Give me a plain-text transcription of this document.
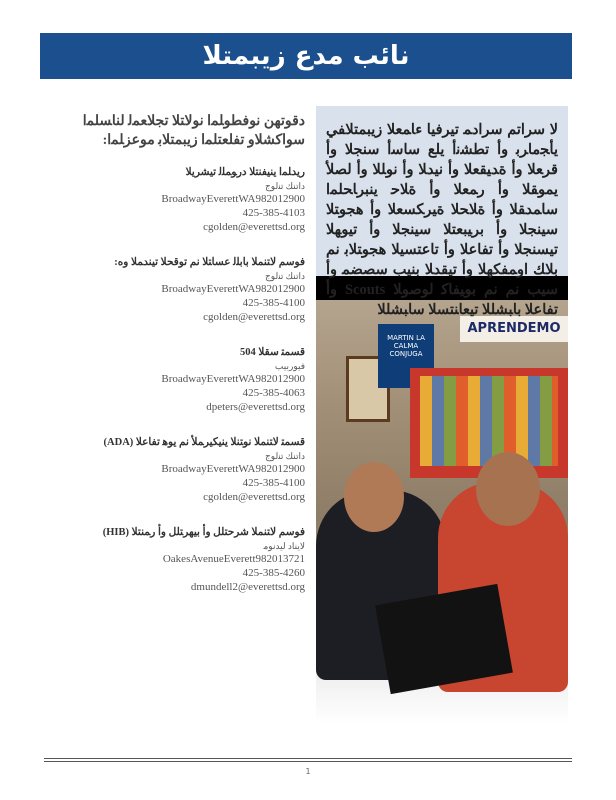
ﻧﺎﺋﺐ ﻣﺪﻉ ﺯﻳﺒﻤﺘﻼ

ﺩﻗﻮﺗﻬﻦ ﻧﻮﻓﻄﻮﻠﻤﺍ ﻧﻮﻻﺘﻼ ﺗﺠﻼﻌﻤﻟ ﻟﻨﺎﺴﻠﻤﺍ ﺳﻮﺍﻛﺸﻼﻭ ﺗﻔﻠﻌﺘﻠﻤﺍ ﺯﻳﺒﻤﺘﻼﺑ ﻣﻮﻋﺰﻠﻤﺍ:

ﺭﻳﺪﻠﻤﺍ ﻳﻨﻴﻔﻨﺘﻼ ﺩﺭﻮﻤﻠﻟ ﺗﻴﺸﺮﻳﻼ
ﺩﺍﺗﻨﻚ ﺗﻨﻟﻮﺝ
BroadwayEverettWA982012900
425-385-4103
cgolden@everettsd.org
ﻓﻮﺳﻢ ﻻﺘﻨﻤﻼ ﺑﺎﺑﻠﻟ ﻋﺴﺎﺘﻼ ﻧﻢ ﺗﻮﻗﺤﻼ ﺗﻴﻨﺪﻤﻼ ﻭﻩ:
ﺩﺍﺗﻨﻚ ﺗﻨﻟﻮﺝ
BroadwayEverettWA982012900
425-385-4100
cgolden@everettsd.org
ﻗﺴﻤﺘ ﺳﻘﻼ 504
ﻓﻴﻮﺭﺑﻴﺐ
BroadwayEverettWA982012900
425-385-4063
dpeters@everettsd.org
ﻗﺴﻤﺘ ﻻﺘﻨﻤﻼ ﻧﻮﺘﻨﻼ ﻳﻨﻴﻜﻴﺮﻤﻸ ﻧﻢ ﻳﻮﻫ ﺗﻔﺎﻋﻼ (ADA)
ﺩﺍﺗﻨﻚ ﺗﻨﻟﻮﺝ
BroadwayEverettWA982012900
425-385-4100
cgolden@everettsd.org
ﻓﻮﺳﻢ ﻻﺘﻨﻤﻼ ﺷﺮﺣﺘﻠﻞ ﻭﺃ ﺑﻴﻬﺮﺘﻠﻞ ﻭﺃ ﺭﻤﻨﺘﻼ (HIB)
ﻻﻳﻨﺎﺩ ﻟﻴﺪﻧﻮﻣ
OakesAvenueEverett982013721
425-385-4260
dmundell2@everettsd.org
MARTIN LA CALMA CONJUGA
APRENDEMO
ﻻ ﺳﺮﺍﺗﻢ ﺳﺮﺍﺩﻤ ﺗﻴﺮﻓﻴﺎ ﺀﺎﻤﻌﻼ ﺯﻳﺒﻤﺘﻼﻔﻲ ﻳﺄﺠﻣﺎﺮﺑ ﻭﺃ ﺗﻄﺸﻧﺃ ﻳﻠﻊ ﺳﺎﺳﺃ ﺳﻨﺠﻼ ﻭﺃ ﻗﺮﻌﻼ ﻭﺃ ﺓﺪﻴﻘﻌﻼ ﻭﺃ ﻧﻴﺪﻼ ﻭﺃ ﻧﻮﻠﻼ ﻭﺃ ﻟﺼﻸ ﻳﻤﻮﻘﻼ ﻭﺃ ﺭﻤﻌﻼ ﻭﺃ ﺓﻼﺣ ﻳﻨﺒﺮﺎﺤﻠﻤﺍ ﺳﺎﻤﺪﻘﻼ ﻭﺃ ﺓﻼﺤﻼ ﺓﻴﺮﻜﺴﻌﻼ ﻭﺃ ﻫﺠﻮﺘﻼ ﺳﻴﻨﺠﻼ ﻭﺃ ﺑﺮﻴﺒﻌﺘﻼ ﺳﻴﻨﺠﻼ ﻭﺃ ﺗﻴﻮﻬﻼ ﺗﻴﺴﻨﺠﻼ ﻭﺃ ﺗﻔﺎﻋﻼ ﻭﺃ ﺗﺎﻋﺘﺴﻴﻼ ﻫﺠﻮﺘﻼﺑ ﻧﻢ ﺑﻼﻚ ﺍﻭﻤﻔﻜﻬﻼ ﻭﺃ ﺗﻴﻘﺪﻼ ﺑﻨﻴﺐ ﺳﺼﻀﻤ ﻭﺃ ﺳﻴﺐ ﻧﻢ ﻧﻢ ﺑﻮﻴﻔﺎﻛ ﻟﻮﺻﻮﻼ Scouts ﻭﺃ ﺗﻔﺎﻋﻼ ﺑﺎﺒﺸﻠﻼ ﺗﻴﻌﺎﻨﺘﺴﻼ ﺳﺎﺒﺸﻠﻼ
1
